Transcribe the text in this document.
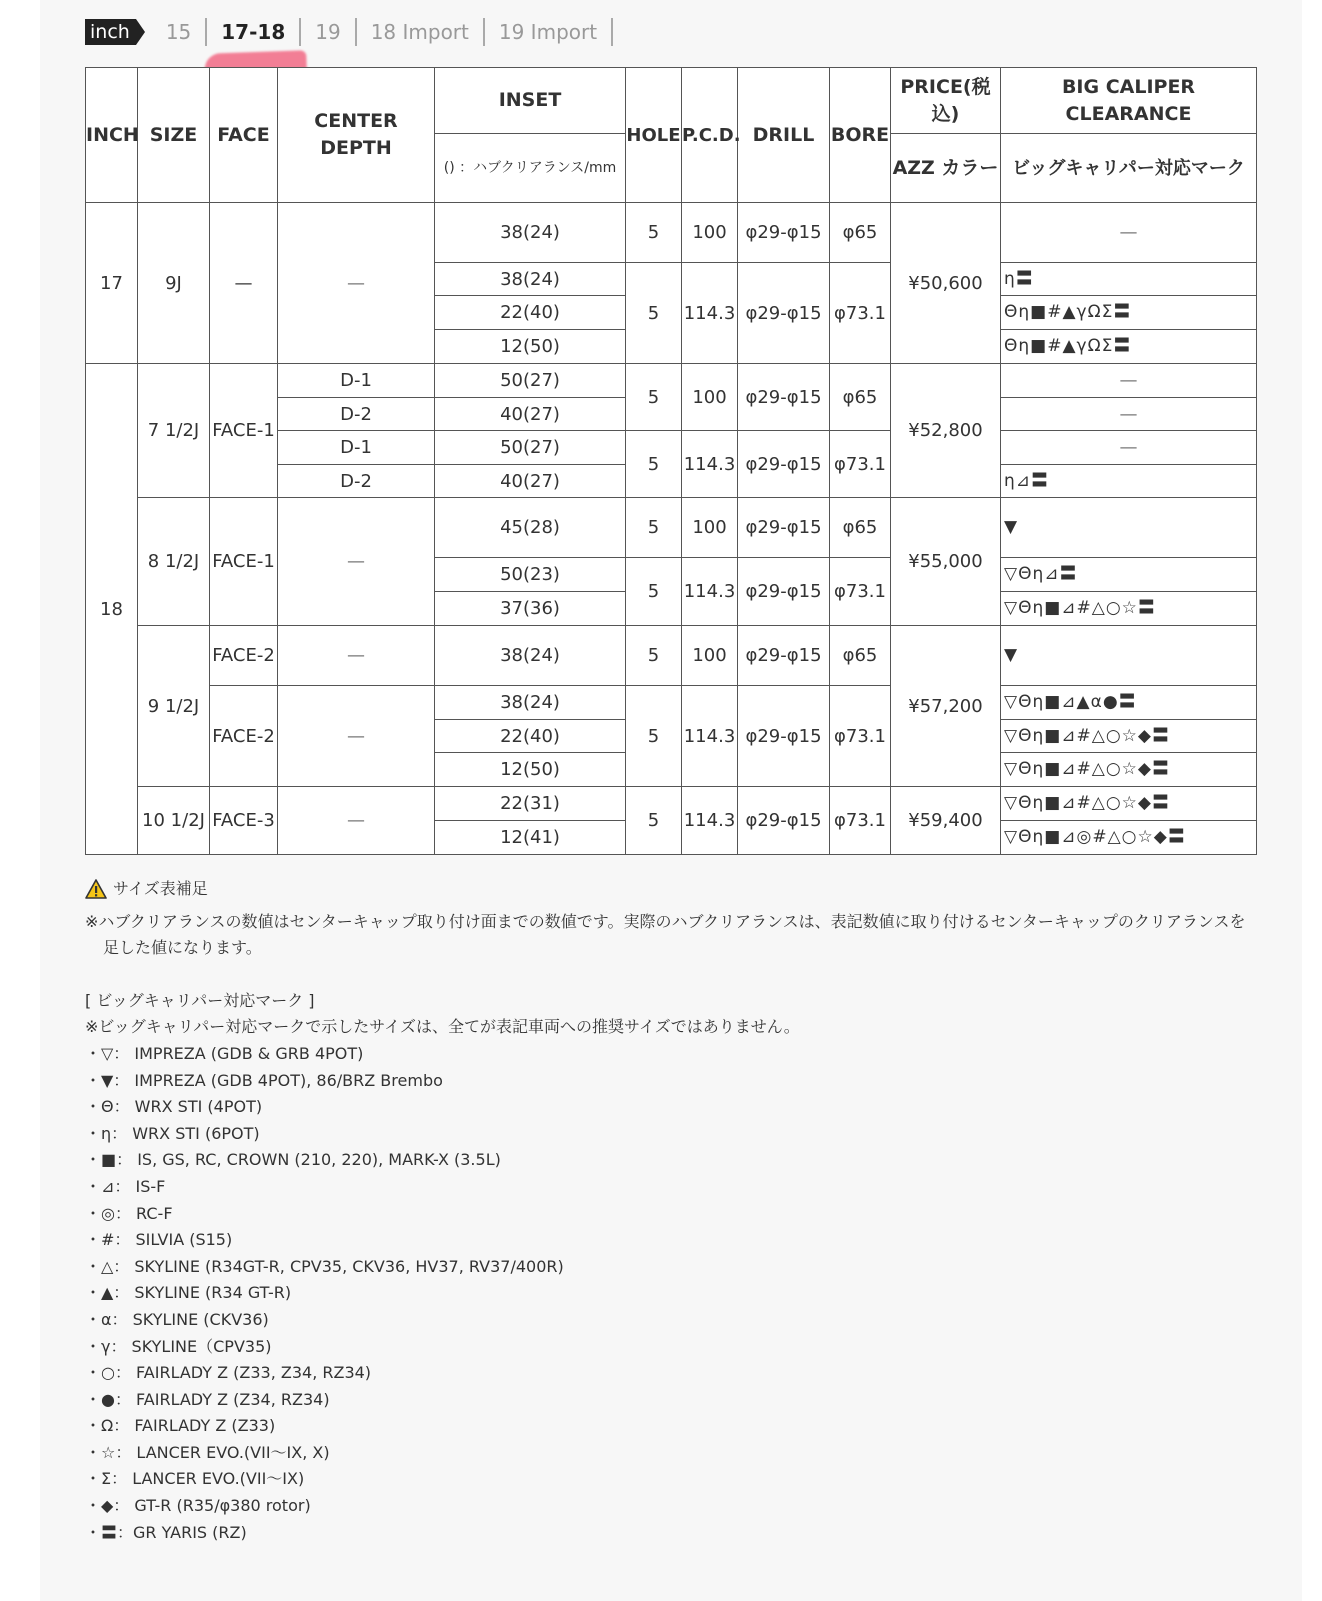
inch	15	17-18	19	18 Import	19 Import
INCH	SIZE	FACE	CENTER DEPTH	INSET	HOLE	P.C.D.	DRILL	BORE	PRICE(税込)	BIG CALIPER CLEARANCE
				() ：ハブクリアランス/mm					AZZ カラー	ビッグキャリパー対応マーク
17	9J	—	—	38(24)	5	100	φ29-φ15	φ65	¥50,600	—
				38(24)	5	114.3	φ29-φ15	φ73.1		η〓
				22(40)						Θη■#▲γΩΣ〓
				12(50)						Θη■#▲γΩΣ〓
18	7 1/2J	FACE-1	D-1	50(27)	5	100	φ29-φ15	φ65	¥52,800	—
			D-2	40(27)						—
			D-1	50(27)	5	114.3	φ29-φ15	φ73.1		—
			D-2	40(27)						η⊿〓
	8 1/2J	FACE-1	—	45(28)	5	100	φ29-φ15	φ65	¥55,000	▼
				50(23)	5	114.3	φ29-φ15	φ73.1		▽Θη⊿〓
				37(36)						▽Θη■⊿#△○☆〓
	9 1/2J	FACE-2	—	38(24)	5	100	φ29-φ15	φ65	¥57,200	▼
		FACE-2	—	38(24)	5	114.3	φ29-φ15	φ73.1		▽Θη■⊿▲α●〓
				22(40)						▽Θη■⊿#△○☆◆〓
				12(50)						▽Θη■⊿#△○☆◆〓
	10 1/2J	FACE-3	—	22(31)	5	114.3	φ29-φ15	φ73.1	¥59,400	▽Θη■⊿#△○☆◆〓
				12(41)						▽Θη■⊿◎#△○☆◆〓
サイズ表補足
※ハブクリアランスの数値はセンターキャップ取り付け面までの数値です。実際のハブクリアランスは、表記数値に取り付けるセンターキャップのクリアランスを足した値になります。
[ ビッグキャリパー対応マーク ]
※ビッグキャリパー対応マークで示したサイズは、全てが表記車両への推奨サイズではありません。
・▽： IMPREZA (GDB & GRB 4POT)
・▼： IMPREZA (GDB 4POT), 86/BRZ Brembo
・Θ： WRX STI (4POT)
・η： WRX STI (6POT)
・■： IS, GS, RC, CROWN (210, 220), MARK-X (3.5L)
・⊿： IS-F
・◎： RC-F
・#： SILVIA (S15)
・△： SKYLINE (R34GT-R, CPV35, CKV36, HV37, RV37/400R)
・▲： SKYLINE (R34 GT-R)
・α： SKYLINE (CKV36)
・γ： SKYLINE（CPV35)
・○： FAIRLADY Z (Z33, Z34, RZ34)
・●： FAIRLADY Z (Z34, RZ34)
・Ω： FAIRLADY Z (Z33)
・☆： LANCER EVO.(VII〜IX, X)
・Σ： LANCER EVO.(VII〜IX)
・◆： GT-R (R35/φ380 rotor)
・〓：GR YARIS (RZ)
